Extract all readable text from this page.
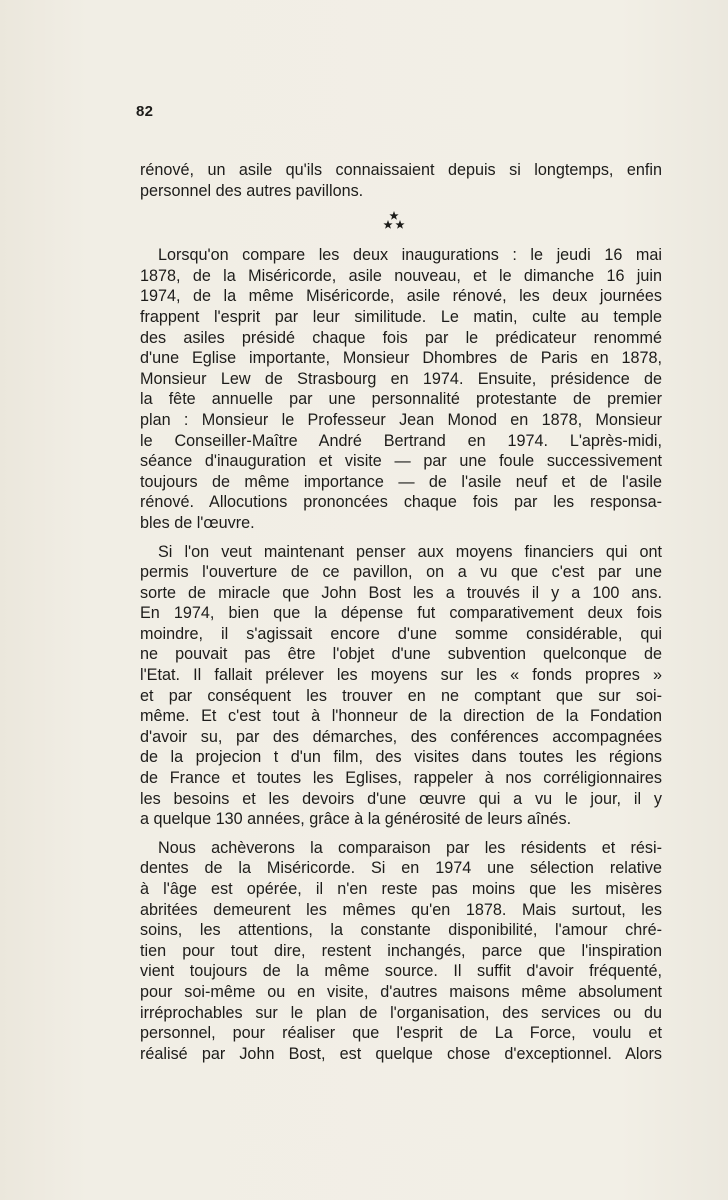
82
rénové, un asile qu'ils connaissaient depuis si longtemps, enfin
personnel des autres pavillons.
Lorsqu'on compare les deux inaugurations : le jeudi 16 mai
1878, de la Miséricorde, asile nouveau, et le dimanche 16 juin
1974, de la même Miséricorde, asile rénové, les deux journées
frappent l'esprit par leur similitude. Le matin, culte au temple
des asiles présidé chaque fois par le prédicateur renommé
d'une Eglise importante, Monsieur Dhombres de Paris en 1878,
Monsieur Lew de Strasbourg en 1974. Ensuite, présidence de
la fête annuelle par une personnalité protestante de premier
plan : Monsieur le Professeur Jean Monod en 1878, Monsieur
le Conseiller-Maître André Bertrand en 1974. L'après-midi,
séance d'inauguration et visite — par une foule successivement
toujours de même importance — de l'asile neuf et de l'asile
rénové. Allocutions prononcées chaque fois par les responsa-
bles de l'œuvre.
Si l'on veut maintenant penser aux moyens financiers qui ont
permis l'ouverture de ce pavillon, on a vu que c'est par une
sorte de miracle que John Bost les a trouvés il y a 100 ans.
En 1974, bien que la dépense fut comparativement deux fois
moindre, il s'agissait encore d'une somme considérable, qui
ne pouvait pas être l'objet d'une subvention quelconque de
l'Etat. Il fallait prélever les moyens sur les « fonds propres »
et par conséquent les trouver en ne comptant que sur soi-
même. Et c'est tout à l'honneur de la direction de la Fondation
d'avoir su, par des démarches, des conférences accompagnées
de la projecion t d'un film, des visites dans toutes les régions
de France et toutes les Eglises, rappeler à nos corréligionnaires
les besoins et les devoirs d'une œuvre qui a vu le jour, il y
a quelque 130 années, grâce à la générosité de leurs aînés.
Nous achèverons la comparaison par les résidents et rési-
dentes de la Miséricorde. Si en 1974 une sélection relative
à l'âge est opérée, il n'en reste pas moins que les misères
abritées demeurent les mêmes qu'en 1878. Mais surtout, les
soins, les attentions, la constante disponibilité, l'amour chré-
tien pour tout dire, restent inchangés, parce que l'inspiration
vient toujours de la même source. Il suffit d'avoir fréquenté,
pour soi-même ou en visite, d'autres maisons même absolument
irréprochables sur le plan de l'organisation, des services ou du
personnel, pour réaliser que l'esprit de La Force, voulu et
réalisé par John Bost, est quelque chose d'exceptionnel. Alors
